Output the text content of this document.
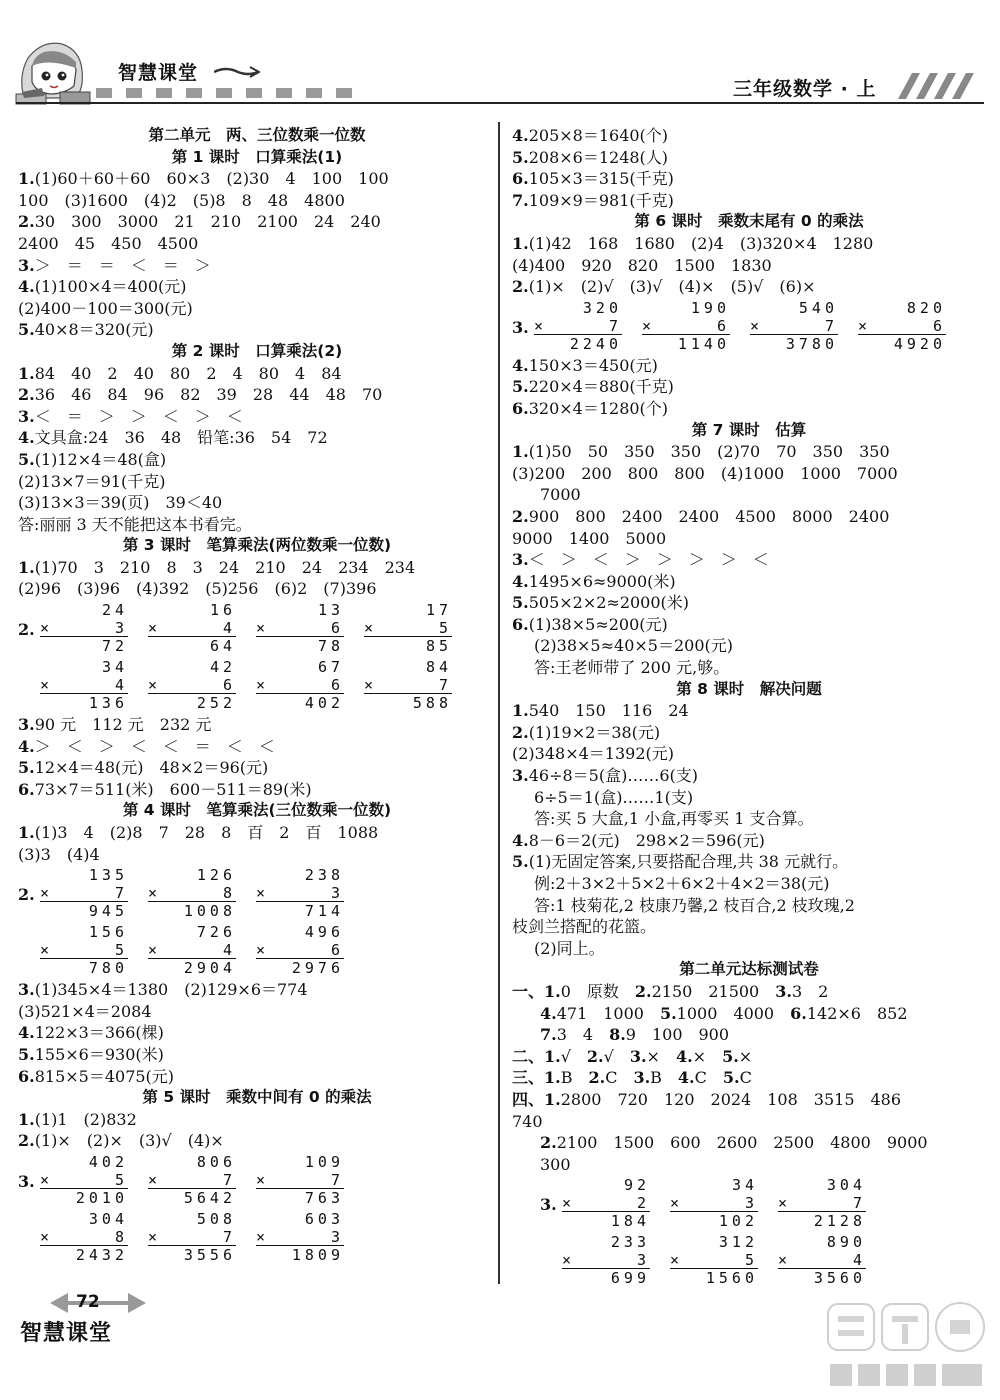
智慧课堂
三年级数学 · 上
第二单元　两、三位数乘一位数
第 1 课时　口算乘法(1)
1.(1)60＋60＋60　60×3　(2)30　4　100　100
100　(3)1600　(4)2　(5)8　8　48　4800
2.30　300　3000　21　210　2100　24　240
2400　45　450　4500
3.＞　＝　＝　＜　＝　＞
4.(1)100×4＝400(元)
(2)400－100＝300(元)
5.40×8＝320(元)
第 2 课时　口算乘法(2)
1.84　40　2　40　80　2　4　80　4　84
2.36　46　84　96　82　39　28　44　48　70
3.＜　＝　＞　＞　＜　＞　＜
4.文具盒:24　36　48　铅笔:36　54　72
5.(1)12×4＝48(盒)
(2)13×7＝91(千克)
(3)13×3＝39(页)　39＜40
答:丽丽 3 天不能把这本书看完。
第 3 课时　笔算乘法(两位数乘一位数)
1.(1)70　3　210　8　3　24　210　24　234　234
(2)96　(3)96　(4)392　(5)256　(6)2　(7)396
2.
24
×	3
72
16
×	4
64
13
×	6
78
17
×	5
85
34
×	4
136
42
×	6
252
67
×	6
402
84
×	7
588
3.90 元　112 元　232 元
4.＞　＜　＞　＜　＜　＝　＜　＜
5.12×4＝48(元)　48×2＝96(元)
6.73×7＝511(米)　600－511＝89(米)
第 4 课时　笔算乘法(三位数乘一位数)
1.(1)3　4　(2)8　7　28　8　百　2　百　1088
(3)3　(4)4
2.
135
×	7
945
126
×	8
1008
238
×	3
714
156
×	5
780
726
×	4
2904
496
×	6
2976
3.(1)345×4＝1380　(2)129×6＝774
(3)521×4＝2084
4.122×3＝366(棵)
5.155×6＝930(米)
6.815×5＝4075(元)
第 5 课时　乘数中间有 0 的乘法
1.(1)1　(2)832
2.(1)×　(2)×　(3)√　(4)×
3.
402
×	5
2010
806
×	7
5642
109
×	7
763
304
×	8
2432
508
×	7
3556
603
×	3
1809
4.205×8＝1640(个)
5.208×6＝1248(人)
6.105×3＝315(千克)
7.109×9＝981(千克)
第 6 课时　乘数末尾有 0 的乘法
1.(1)42　168　1680　(2)4　(3)320×4　1280
(4)400　920　820　1500　1830
2.(1)×　(2)√　(3)√　(4)×　(5)√　(6)×
3.
320
×	7
2240
190
×	6
1140
540
×	7
3780
820
×	6
4920
4.150×3＝450(元)
5.220×4＝880(千克)
6.320×4＝1280(个)
第 7 课时　估算
1.(1)50　50　350　350　(2)70　70　350　350
(3)200　200　800　800　(4)1000　1000　7000
7000
2.900　800　2400　2400　4500　8000　2400
9000　1400　5000
3.＜　＞　＜　＞　＞　＞　＞　＜
4.1495×6≈9000(米)
5.505×2×2≈2000(米)
6.(1)38×5≈200(元)
(2)38×5≈40×5＝200(元)
答:王老师带了 200 元,够。
第 8 课时　解决问题
1.540　150　116　24
2.(1)19×2＝38(元)
(2)348×4＝1392(元)
3.46÷8＝5(盒)……6(支)
6÷5＝1(盒)……1(支)
答:买 5 大盒,1 小盒,再零买 1 支合算。
4.8－6＝2(元)　298×2＝596(元)
5.(1)无固定答案,只要搭配合理,共 38 元就行。
例:2＋3×2＋5×2＋6×2＋4×2＝38(元)
答:1 枝菊花,2 枝康乃馨,2 枝百合,2 枝玫瑰,2
枝剑兰搭配的花篮。
(2)同上。
第二单元达标测试卷
一、1.0　原数　2.2150　21500　3.3　2
4.471　1000　5.1000　4000　6.142×6　852
7.3　4　8.9　100　900
二、1.√　2.√　3.×　4.×　5.×
三、1.B　2.C　3.B　4.C　5.C
四、1.2800　720　120　2024　108　3515　486
740
2.2100　1500　600　2600　2500　4800　9000
300
3.
92
×	2
184
34
×	3
102
304
×	7
2128
233
×	3
699
312
×	5
1560
890
×	4
3560
72
智慧课堂
